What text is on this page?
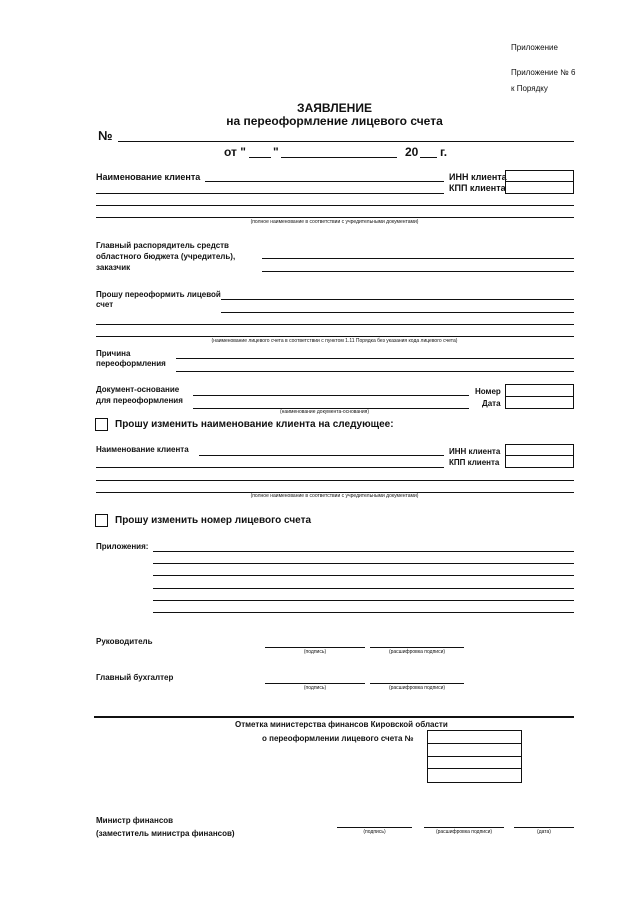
Приложение
Приложение № 6
к Порядку
ЗАЯВЛЕНИЕ
на переоформление лицевого счета
№
от " "	20 г.
Наименование клиента	ИНН клиента
КПП клиента
(полное наименование в соответствии с учредительными документами)
Главный распорядитель средств
областного бюджета (учредитель),
заказчик
Прошу переоформить лицевой
счет
(наименование лицевого счета в соответствии с пунктом 1.11 Порядка без указания кода лицевого счета)
Причина
переоформления
Документ-основание
для переоформления
(наименование документа-основания)
Номер
Дата
Прошу изменить наименование клиента на следующее:
Наименование клиента	ИНН клиента
КПП клиента
(полное наименование в соответствии с учредительными документами)
Прошу изменить номер лицевого счета
Приложения:
Руководитель
(подпись)	(расшифровка подписи)
Главный бухгалтер
(подпись)	(расшифровка подписи)
Отметка министерства финансов Кировской области
о переоформлении лицевого счета №
Министр финансов
(заместитель министра финансов)	(подпись)	(расшифровка подписи)	(дата)
